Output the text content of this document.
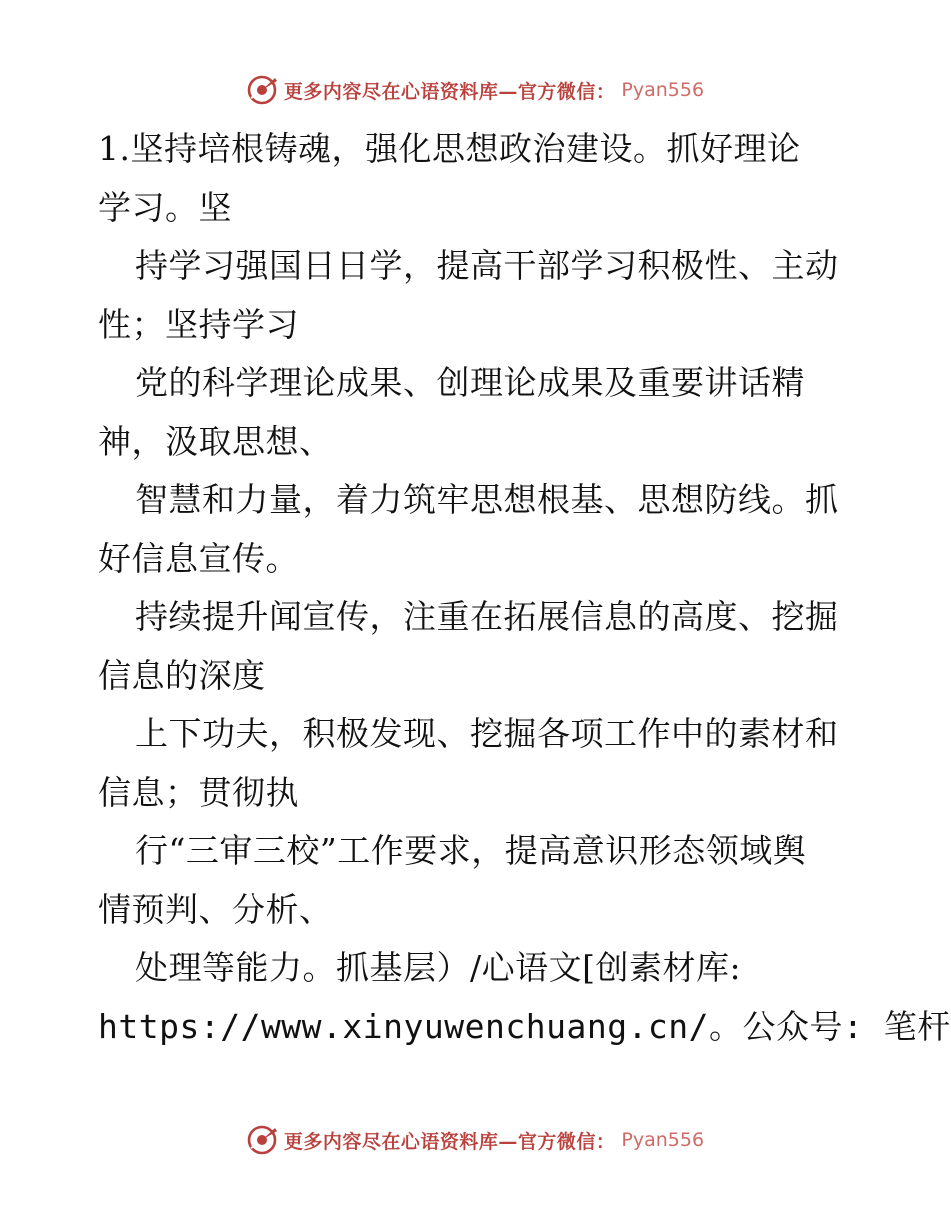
更多内容尽在心语资料库—官方微信： Pyan556
1.坚持培根铸魂，强化思想政治建设。抓好理论
学习。坚
持学习强国日日学，提高干部学习积极性、主动
性；坚持学习
党的科学理论成果、创理论成果及重要讲话精
神，汲取思想、
智慧和力量，着力筑牢思想根基、思想防线。抓
好信息宣传。
持续提升闻宣传，注重在拓展信息的高度、挖掘
信息的深度
上下功夫，积极发现、挖掘各项工作中的素材和
信息；贯彻执
行“三审三校”工作要求，提高意识形态领域舆
情预判、分析、
处理等能力。抓基层）/心语文[创素材库:
https://www.xinyuwenchuang.cn/。公众号: 笔杆
更多内容尽在心语资料库—官方微信： Pyan556
